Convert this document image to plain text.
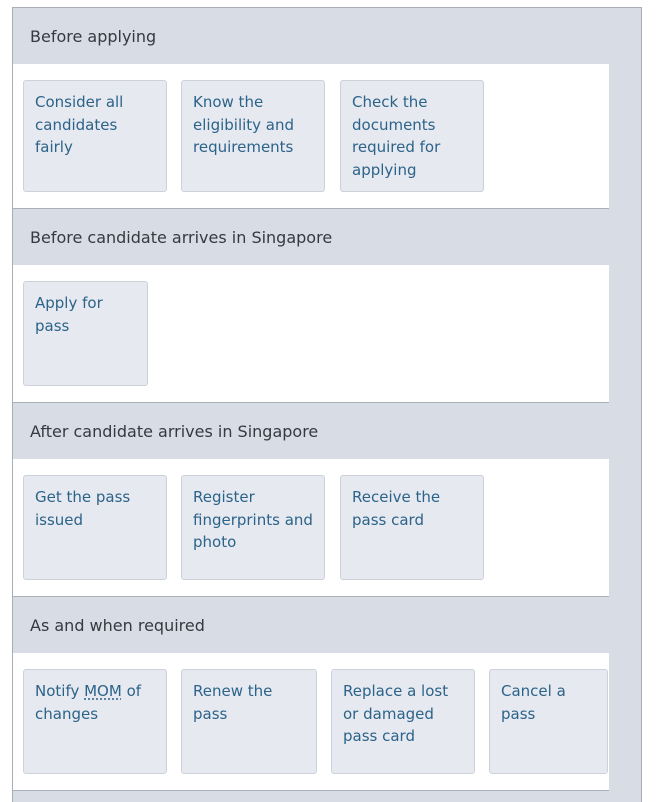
Before applying
Consider all candidates fairly
Know the eligibility and requirements
Check the documents required for applying
Before candidate arrives in Singapore
Apply for pass
After candidate arrives in Singapore
Get the pass issued
Register fingerprints and photo
Receive the pass card
As and when required
Notify MOM of changes
Renew the pass
Replace a lost or damaged pass card
Cancel a pass
